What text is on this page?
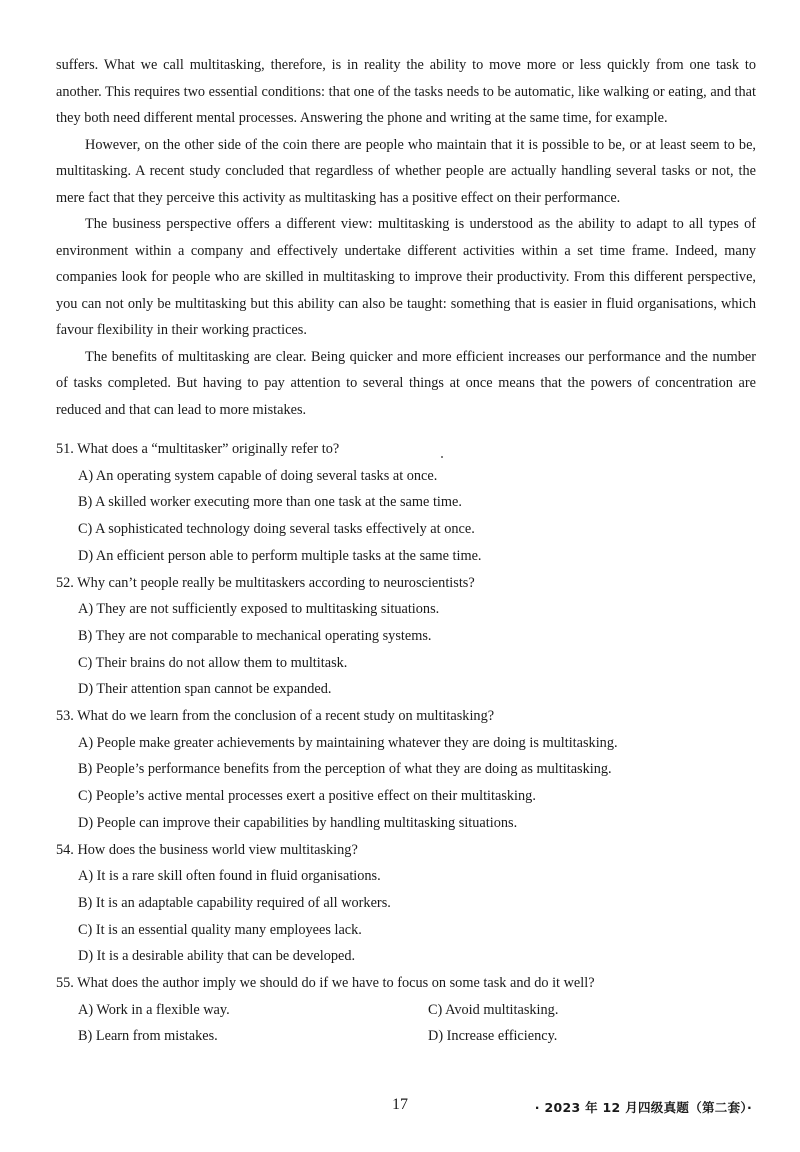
suffers. What we call multitasking, therefore, is in reality the ability to move more or less quickly from one task to another. This requires two essential conditions: that one of the tasks needs to be automatic, like walking or eating, and that they both need different mental processes. Answering the phone and writing at the same time, for example.

However, on the other side of the coin there are people who maintain that it is possible to be, or at least seem to be, multitasking. A recent study concluded that regardless of whether people are actually handling several tasks or not, the mere fact that they perceive this activity as multitasking has a positive effect on their performance.

The business perspective offers a different view: multitasking is understood as the ability to adapt to all types of environment within a company and effectively undertake different activities within a set time frame. Indeed, many companies look for people who are skilled in multitasking to improve their productivity. From this different perspective, you can not only be multitasking but this ability can also be taught: something that is easier in fluid organisations, which favour flexibility in their working practices.

The benefits of multitasking are clear. Being quicker and more efficient increases our performance and the number of tasks completed. But having to pay attention to several things at once means that the powers of concentration are reduced and that can lead to more mistakes.

51. What does a “multitasker” originally refer to?

A) An operating system capable of doing several tasks at once.

B) A skilled worker executing more than one task at the same time.

C) A sophisticated technology doing several tasks effectively at once.

D) An efficient person able to perform multiple tasks at the same time.

52. Why can’t people really be multitaskers according to neuroscientists?

A) They are not sufficiently exposed to multitasking situations.

B) They are not comparable to mechanical operating systems.

C) Their brains do not allow them to multitask.

D) Their attention span cannot be expanded.

53. What do we learn from the conclusion of a recent study on multitasking?

A) People make greater achievements by maintaining whatever they are doing is multitasking.

B) People’s performance benefits from the perception of what they are doing as multitasking.

C) People’s active mental processes exert a positive effect on their multitasking.

D) People can improve their capabilities by handling multitasking situations.

54. How does the business world view multitasking?

A) It is a rare skill often found in fluid organisations.

B) It is an adaptable capability required of all workers.

C) It is an essential quality many employees lack.

D) It is a desirable ability that can be developed.

55. What does the author imply we should do if we have to focus on some task and do it well?

A) Work in a flexible way.	C) Avoid multitasking.

B) Learn from mistakes.	D) Increase efficiency.

17	· 2023 年 12 月四级真题（第二套）·
